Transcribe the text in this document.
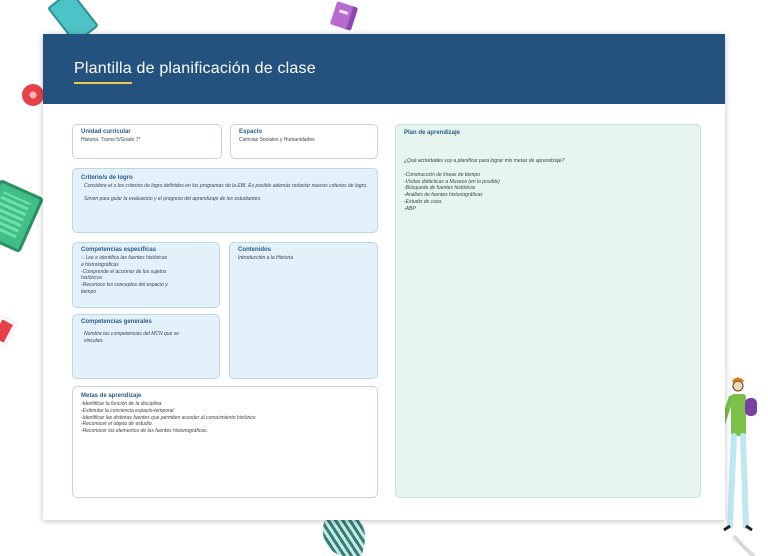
Plantilla de planificación de clase

Unidad curricular

Historia. Tramo 5/Grado 7°

Espacio

Ciencias Sociales y Humanidades

Criterio/s de logro

Considere el o los criterios de logro definidos en los programas de la EBI. Es posible además redactar nuevos criterios de logro.

Sirven para guiar la evaluación y el progreso del aprendizaje de los estudiantes.

Competencias específicas

-. Lee e identifica las fuentes históricas
e historiográficas
-Comprende el accionar de los sujetos
históricos
-Reconoce los conceptos del espacio y
tiempo

Contenidos

Introducción a la Historia

Competencias generales

Nombre las competencias del MCN que se
vinculan.

Metas de aprendizaje

-Identificar la función de la disciplina.
-Estimular la conciencia espacio-temporal
-Identificar las distintas fuentes que permiten acceder al conocimiento histórico
-Reconocer el objeto de estudio.
-Reconocer los elementos de las fuentes historiográficas.

Plan de aprendizaje

¿Qué actividades voy a planificar para lograr mis metas de aprendizaje?

-Construcción de líneas de tiempo
-Visitas didácticas a Museos (en lo posible)
-Búsqueda de fuentes históricas
-Análisis de fuentes historiográficas
-Estudio de caso.
-ABP
